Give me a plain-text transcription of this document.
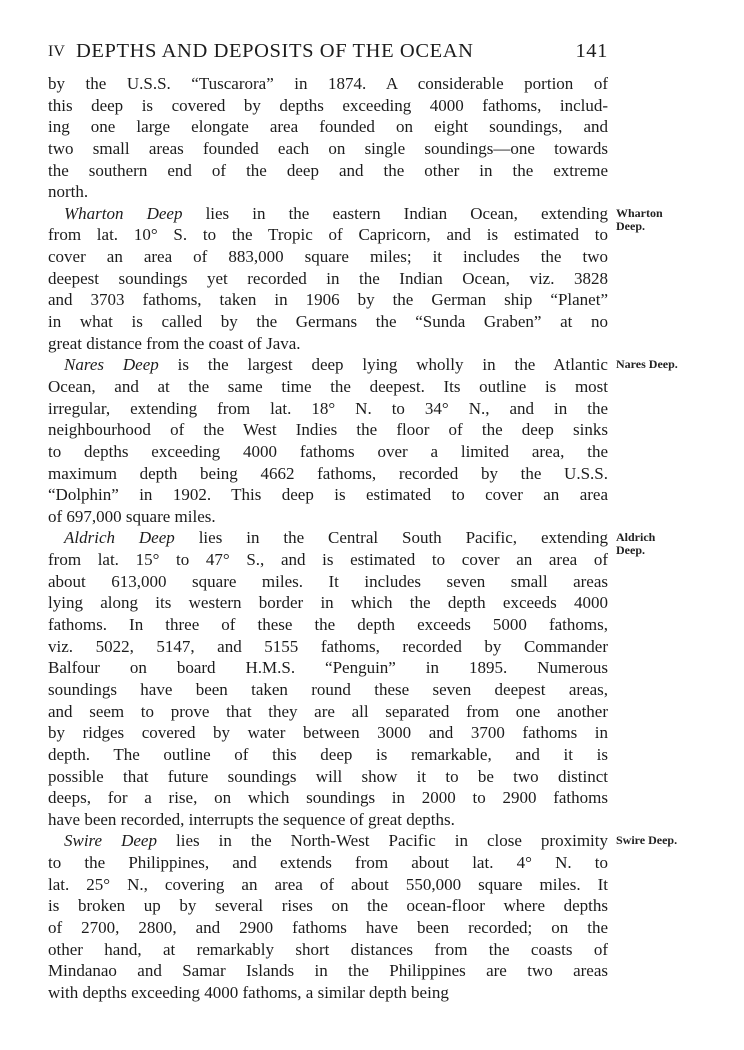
IV DEPTHS AND DEPOSITS OF THE OCEAN	141
by the U.S.S. “Tuscarora” in 1874. A considerable portion of
this deep is covered by depths exceeding 4000 fathoms, includ-
ing one large elongate area founded on eight soundings, and
two small areas founded each on single soundings—one towards
the southern end of the deep and the other in the extreme
north.
Wharton
Deep.
Wharton Deep lies in the eastern Indian Ocean, extending
from lat. 10° S. to the Tropic of Capricorn, and is estimated to
cover an area of 883,000 square miles; it includes the two
deepest soundings yet recorded in the Indian Ocean, viz. 3828
and 3703 fathoms, taken in 1906 by the German ship “Planet”
in what is called by the Germans the “Sunda Graben” at no
great distance from the coast of Java.
Nares Deep.
Nares Deep is the largest deep lying wholly in the Atlantic
Ocean, and at the same time the deepest. Its outline is most
irregular, extending from lat. 18° N. to 34° N., and in the
neighbourhood of the West Indies the floor of the deep sinks
to depths exceeding 4000 fathoms over a limited area, the
maximum depth being 4662 fathoms, recorded by the U.S.S.
“Dolphin” in 1902. This deep is estimated to cover an area
of 697,000 square miles.
Aldrich
Deep.
Aldrich Deep lies in the Central South Pacific, extending
from lat. 15° to 47° S., and is estimated to cover an area of
about 613,000 square miles. It includes seven small areas
lying along its western border in which the depth exceeds 4000
fathoms. In three of these the depth exceeds 5000 fathoms,
viz. 5022, 5147, and 5155 fathoms, recorded by Commander
Balfour on board H.M.S. “Penguin” in 1895. Numerous
soundings have been taken round these seven deepest areas,
and seem to prove that they are all separated from one another
by ridges covered by water between 3000 and 3700 fathoms in
depth. The outline of this deep is remarkable, and it is
possible that future soundings will show it to be two distinct
deeps, for a rise, on which soundings in 2000 to 2900 fathoms
have been recorded, interrupts the sequence of great depths.
Swire Deep.
Swire Deep lies in the North-West Pacific in close proximity
to the Philippines, and extends from about lat. 4° N. to
lat. 25° N., covering an area of about 550,000 square miles. It
is broken up by several rises on the ocean-floor where depths
of 2700, 2800, and 2900 fathoms have been recorded; on the
other hand, at remarkably short distances from the coasts of
Mindanao and Samar Islands in the Philippines are two areas
with depths exceeding 4000 fathoms, a similar depth being
